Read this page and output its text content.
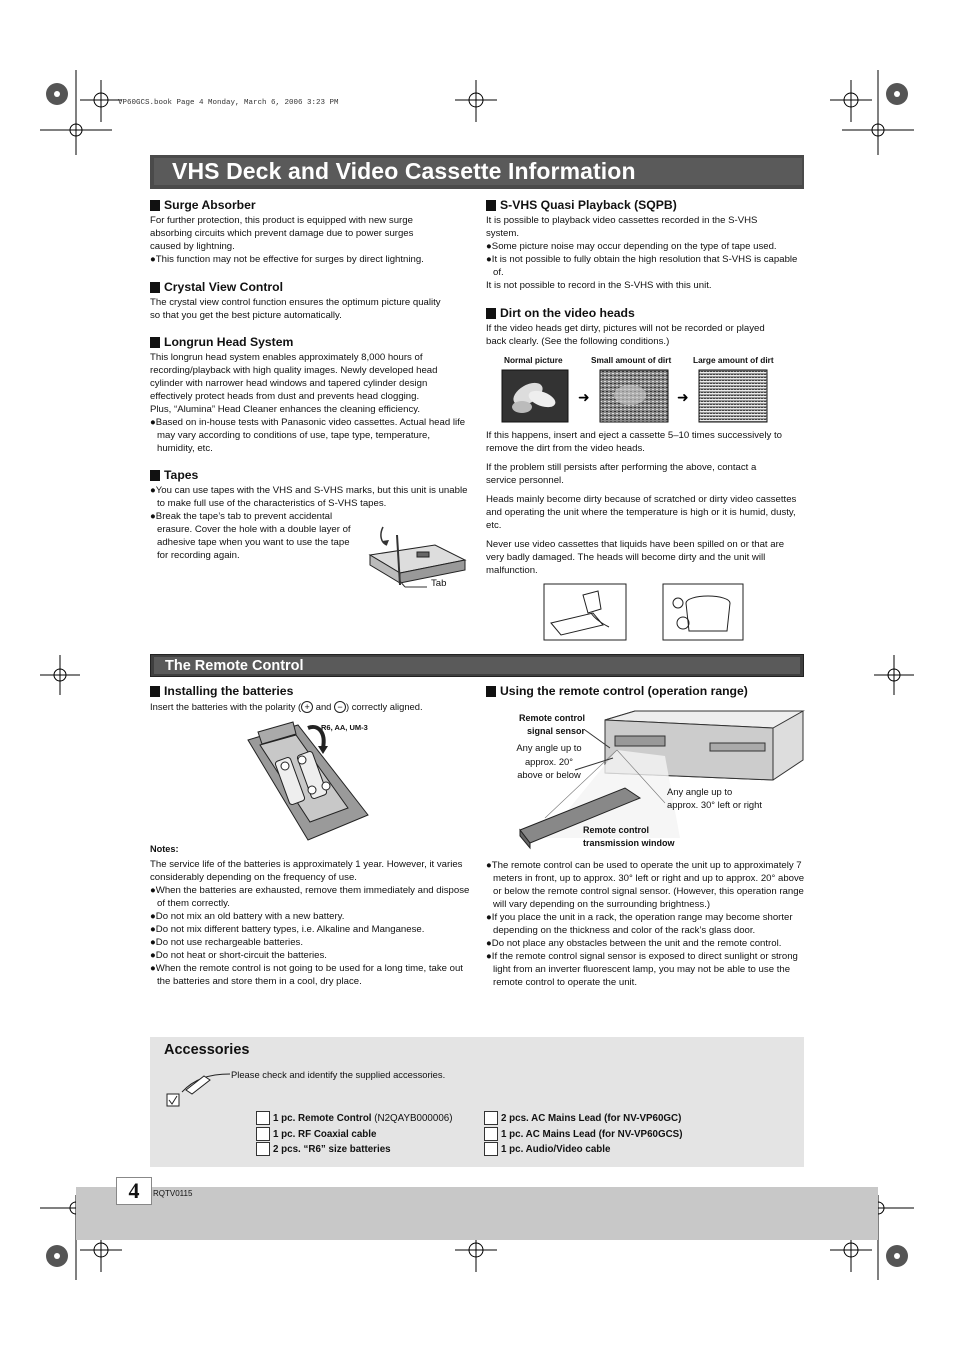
VP60GCS.book Page 4 Monday, March 6, 2006 3:23 PM
VHS Deck and Video Cassette Information
Surge Absorber

For further protection, this product is equipped with new surge

absorbing circuits which prevent damage due to power surges

caused by lightning.

●This function may not be effective for surges by direct lightning.

Crystal View Control

The crystal view control function ensures the optimum picture quality

so that you get the best picture automatically.

Longrun Head System

This longrun head system enables approximately 8,000 hours of

recording/playback with high quality images. Newly developed head

cylinder with narrower head windows and tapered cylinder design

effectively protect heads from dust and prevents head clogging.

Plus, “Alumina” Head Cleaner enhances the cleaning efficiency.

●Based on in-house tests with Panasonic video cassettes. Actual head life may vary according to conditions of use, tape type, temperature, humidity, etc.

Tapes

●You can use tapes with the VHS and S-VHS marks, but this unit is unable to make full use of the characteristics of S-VHS tapes.

●Break the tape’s tab to prevent accidental erasure. Cover the hole with a double layer of adhesive tape when you want to use the tape for recording again.

Tab
S-VHS Quasi Playback (SQPB)

It is possible to playback video cassettes recorded in the S-VHS

system.

●Some picture noise may occur depending on the type of tape used.

●It is not possible to fully obtain the high resolution that S-VHS is capable of.

It is not possible to record in the S-VHS with this unit.

Dirt on the video heads

If the video heads get dirty, pictures will not be recorded or played

back clearly. (See the following conditions.)

Normal picture	Small amount of dirt	Large amount of dirt
➜	➜

If this happens, insert and eject a cassette 5–10 times successively to remove the dirt from the video heads.

If the problem still persists after performing the above, contact a service personnel.

Heads mainly become dirty because of scratched or dirty video cassettes and operating the unit where the temperature is high or it is humid, dusty, etc.

Never use video cassettes that liquids have been spilled on or that are very badly damaged. The heads will become dirty and the unit will malfunction.

The Remote Control
Installing the batteries

Insert the batteries with the polarity ( + and − ) correctly aligned.

R6, AA, UM-3

Notes:

The service life of the batteries is approximately 1 year. However, it varies considerably depending on the frequency of use.

●When the batteries are exhausted, remove them immediately and dispose of them correctly.

●Do not mix an old battery with a new battery.

●Do not mix different battery types, i.e. Alkaline and Manganese.

●Do not use rechargeable batteries.

●Do not heat or short-circuit the batteries.

●When the remote control is not going to be used for a long time, take out the batteries and store them in a cool, dry place.

Using the remote control (operation range)
Remote control
signal sensor
Any angle up to
approx. 20°
above or below
Any angle up to
approx. 30° left or right
Remote control
transmission window

●The remote control can be used to operate the unit up to approximately 7 meters in front, up to approx. 30° left or right and up to approx. 20° above or below the remote control signal sensor. (However, this operation range will vary depending on the surrounding brightness.)

●If you place the unit in a rack, the operation range may become shorter depending on the thickness and color of the rack’s glass door.

●Do not place any obstacles between the unit and the remote control.

●If the remote control signal sensor is exposed to direct sunlight or strong light from an inverter fluorescent lamp, you may not be able to use the remote control to operate the unit.

Accessories
Please check and identify the supplied accessories.
1 pc. Remote Control (N2QAYB000006)
1 pc. RF Coaxial cable
2 pcs. “R6” size batteries
2 pcs. AC Mains Lead (for NV-VP60GC)
1 pc. AC Mains Lead (for NV-VP60GCS)
1 pc. Audio/Video cable
4	RQTV0115
